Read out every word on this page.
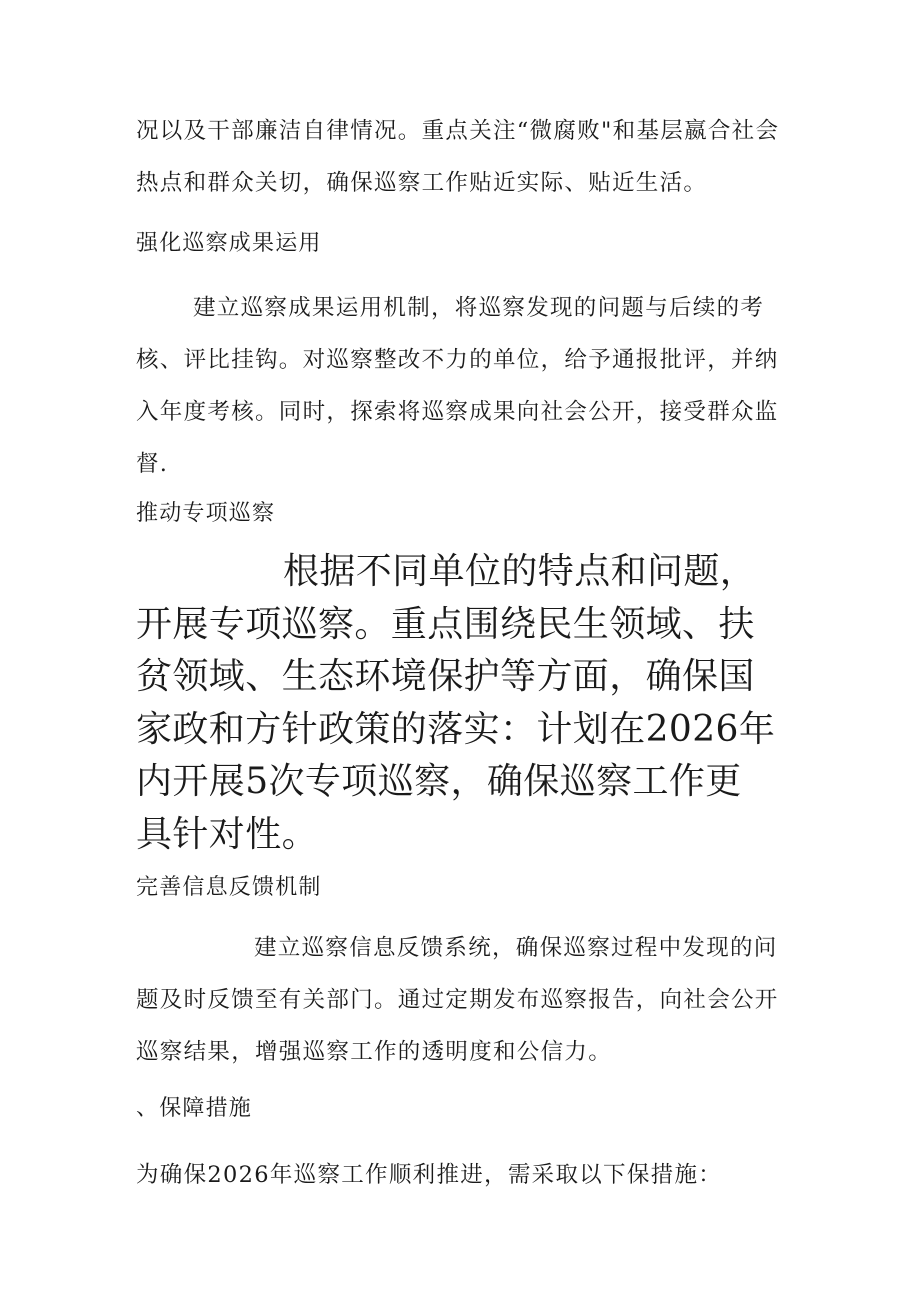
况以及干部廉洁自律情况。重点关注“微腐败"和基层嬴合社会热点和群众关切，确保巡察工作贴近实际、贴近生活。

强化巡察成果运用

建立巡察成果运用机制，将巡察发现的问题与后续的考核、评比挂钩。对巡察整改不力的单位，给予通报批评，并纳入年度考核。同时，探索将巡察成果向社会公开，接受群众监督.

推动专项巡察

根据不同单位的特点和问题，开展专项巡察。重点围绕民生领域、扶贫领域、生态环境保护等方面，确保国家政和方针政策的落实：计划在2026年内开展5次专项巡察，确保巡察工作更具针对性。

完善信息反馈机制

建立巡察信息反馈系统，确保巡察过程中发现的问题及时反馈至有关部门。通过定期发布巡察报告，向社会公开巡察结果，增强巡察工作的透明度和公信力。

、保障措施

为确保2026年巡察工作顺利推进，需采取以下保措施：
